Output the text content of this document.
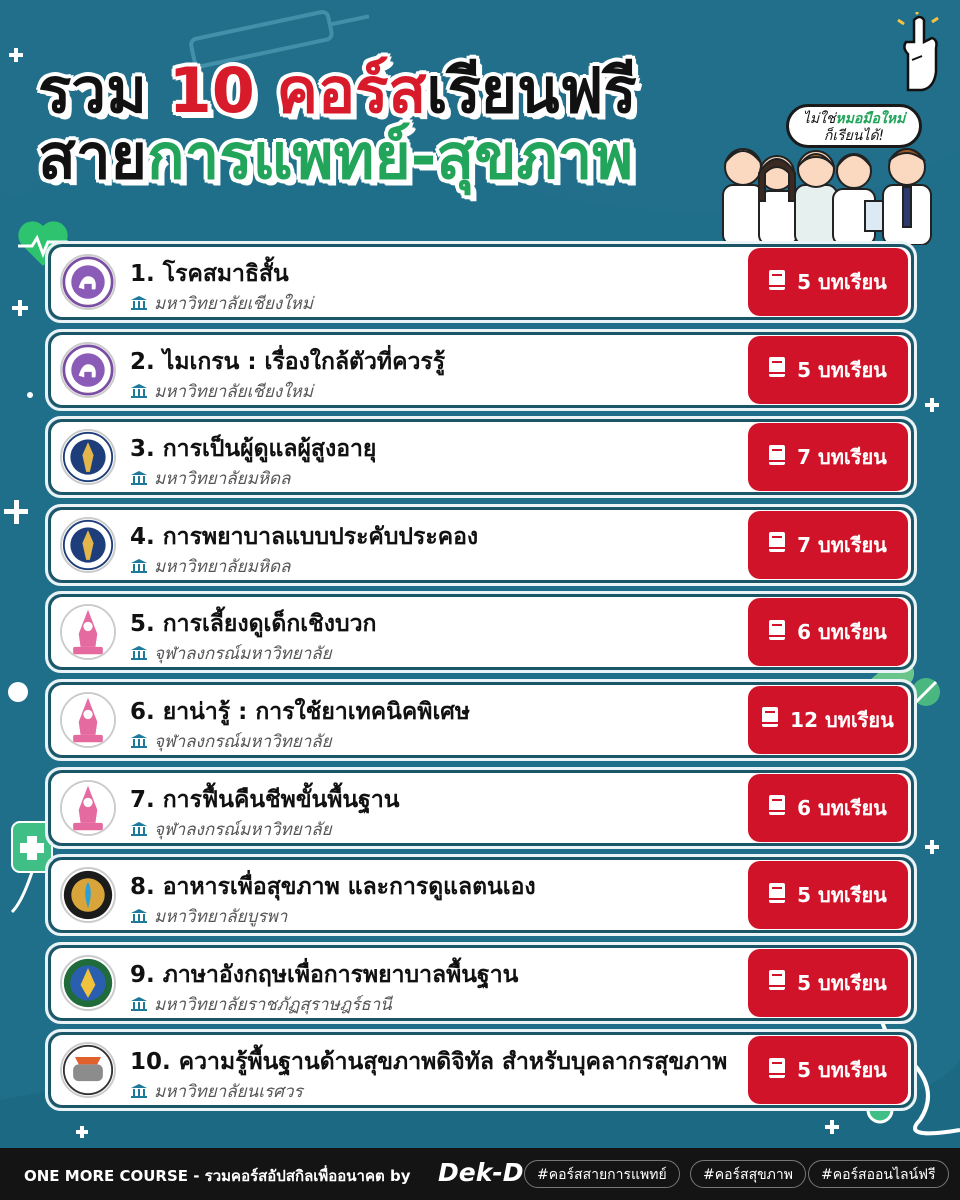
รวม 10 คอร์สเรียนฟรี
สายการแพทย์-สุขภาพ
ไม่ใช่หมอมือใหม่
ก็เรียนได้!
1. โรคสมาธิสั้น
มหาวิทยาลัยเชียงใหม่
5 บทเรียน
2. ไมเกรน : เรื่องใกล้ตัวที่ควรรู้
มหาวิทยาลัยเชียงใหม่
5 บทเรียน
3. การเป็นผู้ดูแลผู้สูงอายุ
มหาวิทยาลัยมหิดล
7 บทเรียน
4. การพยาบาลแบบประคับประคอง
มหาวิทยาลัยมหิดล
7 บทเรียน
5. การเลี้ยงดูเด็กเชิงบวก
จุฬาลงกรณ์มหาวิทยาลัย
6 บทเรียน
6. ยาน่ารู้ : การใช้ยาเทคนิคพิเศษ
จุฬาลงกรณ์มหาวิทยาลัย
12 บทเรียน
7. การฟื้นคืนชีพขั้นพื้นฐาน
จุฬาลงกรณ์มหาวิทยาลัย
6 บทเรียน
8. อาหารเพื่อสุขภาพ และการดูแลตนเอง
มหาวิทยาลัยบูรพา
5 บทเรียน
9. ภาษาอังกฤษเพื่อการพยาบาลพื้นฐาน
มหาวิทยาลัยราชภัฏสุราษฎร์ธานี
5 บทเรียน
10. ความรู้พื้นฐานด้านสุขภาพดิจิทัล สำหรับบุคลากรสุขภาพ
มหาวิทยาลัยนเรศวร
5 บทเรียน
ONE MORE COURSE - รวมคอร์สอัปสกิลเพื่ออนาคต by Dek-D #คอร์สสายการแพทย์	#คอร์สสุขภาพ	#คอร์สออนไลน์ฟรี
